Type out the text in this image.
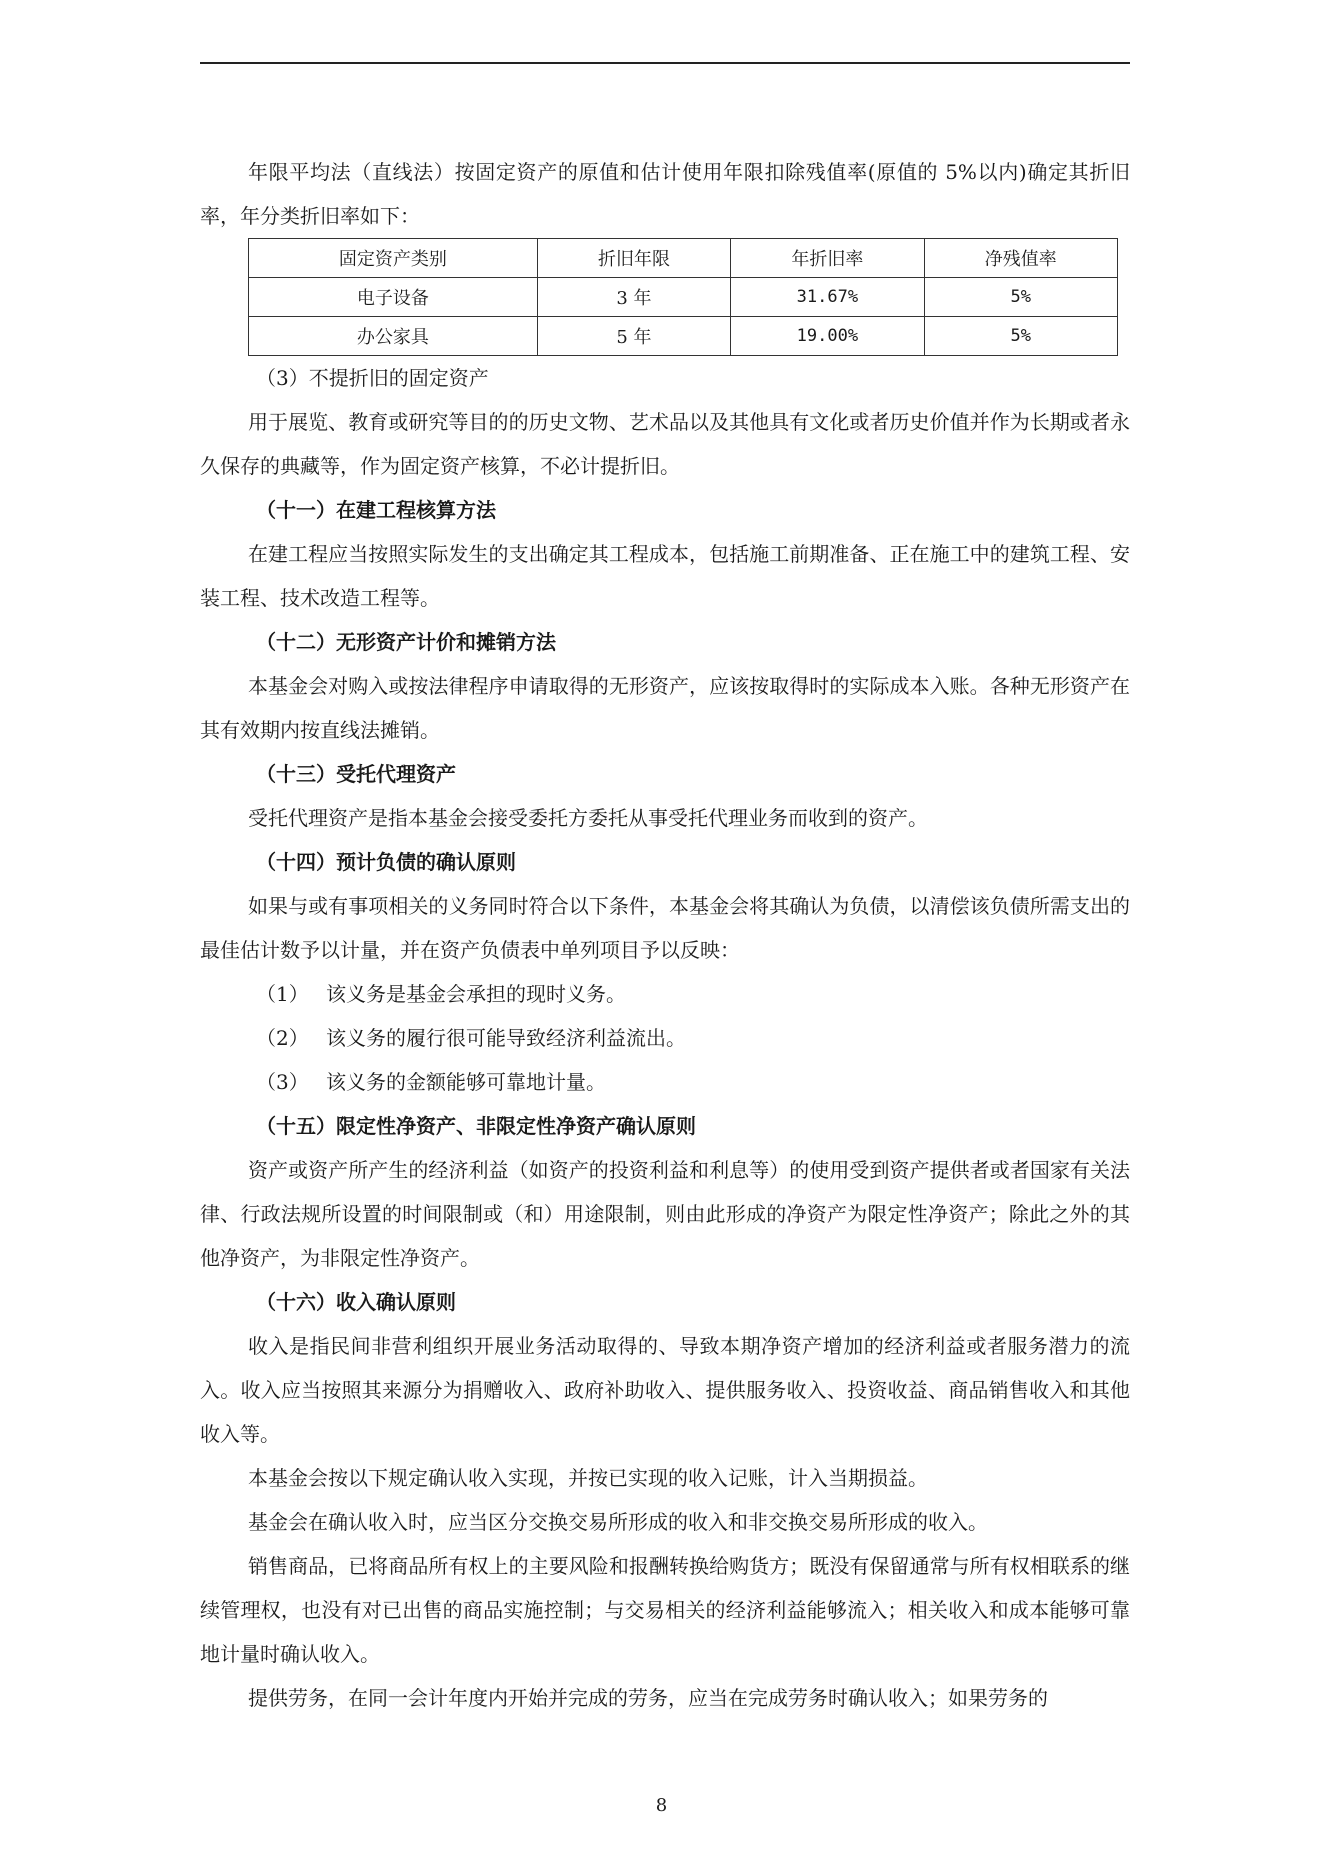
年限平均法（直线法）按固定资产的原值和估计使用年限扣除残值率(原值的 5%以内)确定其折旧率，年分类折旧率如下：

固定资产类别	折旧年限	年折旧率	净残值率
电子设备	3 年	31.67%	5%
办公家具	5 年	19.00%	5%

（3）不提折旧的固定资产

用于展览、教育或研究等目的的历史文物、艺术品以及其他具有文化或者历史价值并作为长期或者永久保存的典藏等，作为固定资产核算，不必计提折旧。

（十一）在建工程核算方法

在建工程应当按照实际发生的支出确定其工程成本，包括施工前期准备、正在施工中的建筑工程、安装工程、技术改造工程等。

（十二）无形资产计价和摊销方法

本基金会对购入或按法律程序申请取得的无形资产，应该按取得时的实际成本入账。各种无形资产在其有效期内按直线法摊销。

（十三）受托代理资产

受托代理资产是指本基金会接受委托方委托从事受托代理业务而收到的资产。

（十四）预计负债的确认原则

如果与或有事项相关的义务同时符合以下条件，本基金会将其确认为负债，以清偿该负债所需支出的最佳估计数予以计量，并在资产负债表中单列项目予以反映：

（1） 该义务是基金会承担的现时义务。

（2） 该义务的履行很可能导致经济利益流出。

（3） 该义务的金额能够可靠地计量。

（十五）限定性净资产、非限定性净资产确认原则

资产或资产所产生的经济利益（如资产的投资利益和利息等）的使用受到资产提供者或者国家有关法律、行政法规所设置的时间限制或（和）用途限制，则由此形成的净资产为限定性净资产；除此之外的其他净资产，为非限定性净资产。

（十六）收入确认原则

收入是指民间非营利组织开展业务活动取得的、导致本期净资产增加的经济利益或者服务潜力的流入。收入应当按照其来源分为捐赠收入、政府补助收入、提供服务收入、投资收益、商品销售收入和其他收入等。

本基金会按以下规定确认收入实现，并按已实现的收入记账，计入当期损益。

基金会在确认收入时，应当区分交换交易所形成的收入和非交换交易所形成的收入。

销售商品，已将商品所有权上的主要风险和报酬转换给购货方；既没有保留通常与所有权相联系的继续管理权，也没有对已出售的商品实施控制；与交易相关的经济利益能够流入；相关收入和成本能够可靠地计量时确认收入。

提供劳务，在同一会计年度内开始并完成的劳务，应当在完成劳务时确认收入；如果劳务的

8
